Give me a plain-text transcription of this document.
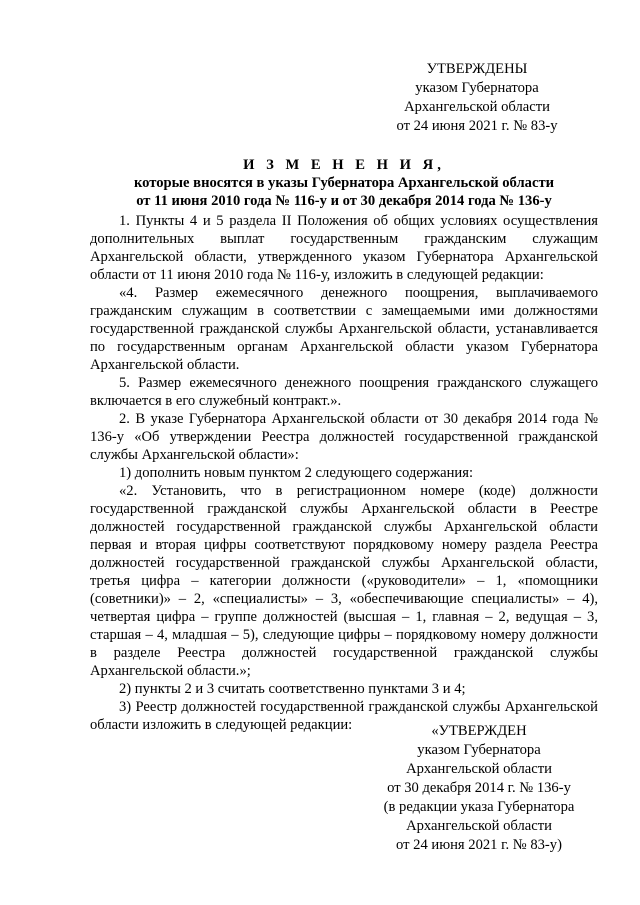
УТВЕРЖДЕНЫ
указом Губернатора
Архангельской области
от 24 июня 2021 г. № 83-у
И З М Е Н Е Н И Я,
которые вносятся в указы Губернатора Архангельской области
от 11 июня 2010 года № 116-у и от 30 декабря 2014 года № 136-у

1. Пункты 4 и 5 раздела II Положения об общих условиях осуществления дополнительных выплат государственным гражданским служащим Архангельской области, утвержденного указом Губернатора Архангельской области от 11 июня 2010 года № 116-у, изложить в следующей редакции:

«4. Размер ежемесячного денежного поощрения, выплачиваемого гражданским служащим в соответствии с замещаемыми ими должностями государственной гражданской службы Архангельской области, устанавливается по государственным органам Архангельской области указом Губернатора Архангельской области.

5. Размер ежемесячного денежного поощрения гражданского служащего включается в его служебный контракт.».

2. В указе Губернатора Архангельской области от 30 декабря 2014 года № 136-у «Об утверждении Реестра должностей государственной гражданской службы Архангельской области»:

1) дополнить новым пунктом 2 следующего содержания:

«2. Установить, что в регистрационном номере (коде) должности государственной гражданской службы Архангельской области в Реестре должностей государственной гражданской службы Архангельской области первая и вторая цифры соответствуют порядковому номеру раздела Реестра должностей государственной гражданской службы Архангельской области, третья цифра – категории должности («руководители» – 1, «помощники (советники)» – 2, «специалисты» – 3, «обеспечивающие специалисты» – 4), четвертая цифра – группе должностей (высшая – 1, главная – 2, ведущая – 3, старшая – 4, младшая – 5), следующие цифры – порядковому номеру должности в разделе Реестра должностей государственной гражданской службы Архангельской области.»;

2) пункты 2 и 3 считать соответственно пунктами 3 и 4;

3) Реестр должностей государственной гражданской службы Архангельской области изложить в следующей редакции:	«УТВЕРЖДЕН
указом Губернатора
Архангельской области
от 30 декабря 2014 г. № 136-у
(в редакции указа Губернатора
Архангельской области
от 24 июня 2021 г. № 83-у)
